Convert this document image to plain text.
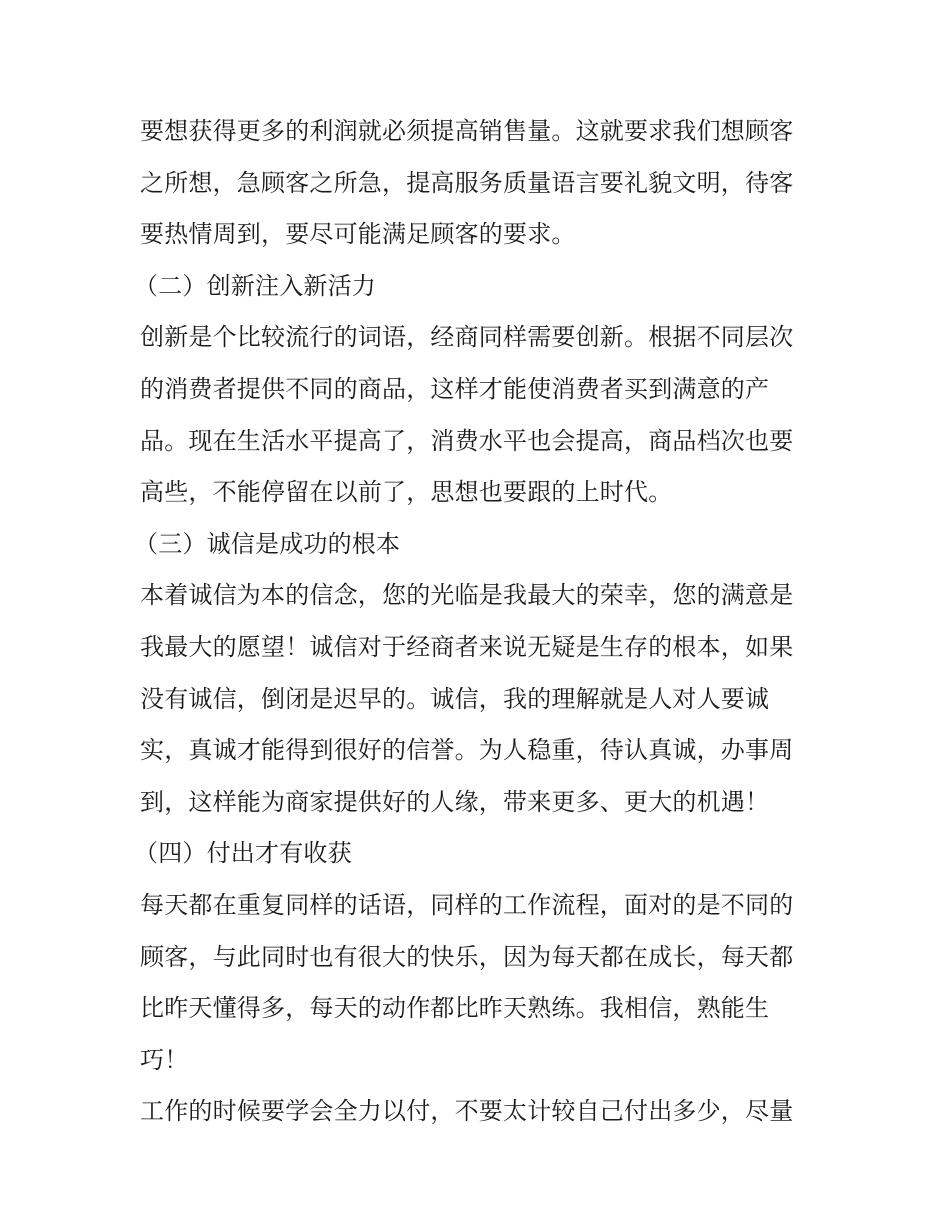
要想获得更多的利润就必须提高销售量。这就要求我们想顾客
之所想，急顾客之所急，提高服务质量语言要礼貌文明，待客
要热情周到，要尽可能满足顾客的要求。
（二）创新注入新活力
创新是个比较流行的词语，经商同样需要创新。根据不同层次
的消费者提供不同的商品，这样才能使消费者买到满意的产
品。现在生活水平提高了，消费水平也会提高，商品档次也要
高些，不能停留在以前了，思想也要跟的上时代。
（三）诚信是成功的根本
本着诚信为本的信念，您的光临是我最大的荣幸，您的满意是
我最大的愿望！诚信对于经商者来说无疑是生存的根本，如果
没有诚信，倒闭是迟早的。诚信，我的理解就是人对人要诚
实，真诚才能得到很好的信誉。为人稳重，待认真诚，办事周
到，这样能为商家提供好的人缘，带来更多、更大的机遇！
（四）付出才有收获
每天都在重复同样的话语，同样的工作流程，面对的是不同的
顾客，与此同时也有很大的快乐，因为每天都在成长，每天都
比昨天懂得多，每天的动作都比昨天熟练。我相信，熟能生
巧！
工作的时候要学会全力以付，不要太计较自己付出多少，尽量
